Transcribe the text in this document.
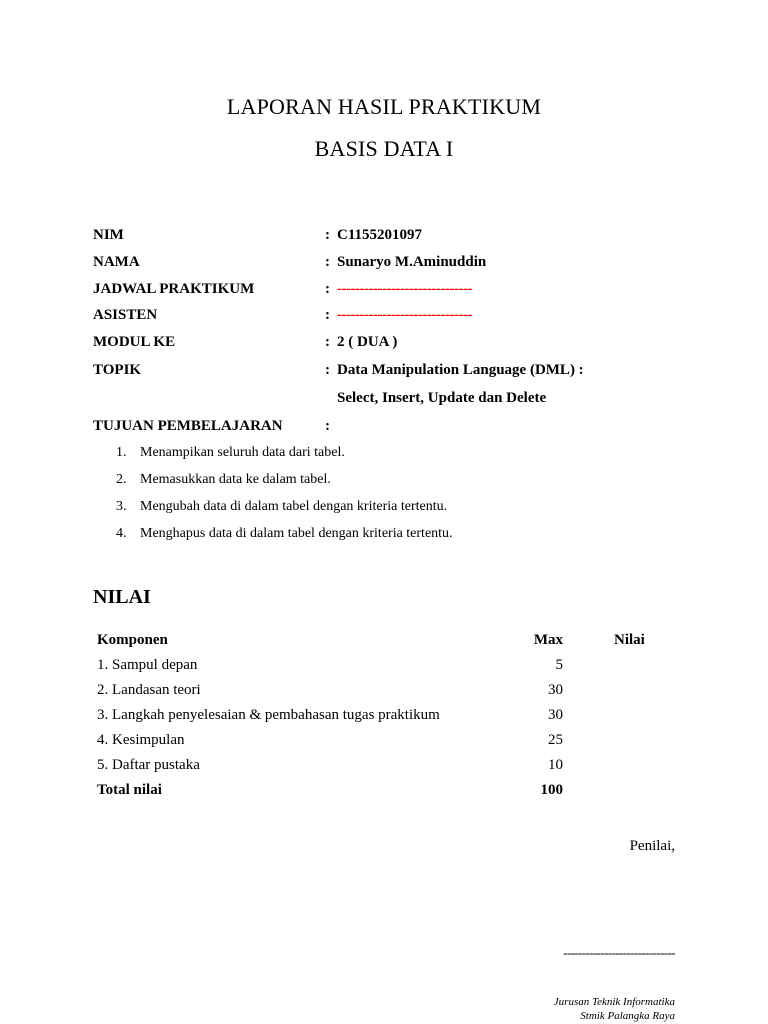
LAPORAN HASIL PRAKTIKUM
BASIS DATA I
NIM	: C1155201097
NAMA	: Sunaryo M.Aminuddin
JADWAL PRAKTIKUM	: ------------------------------
ASISTEN	: ------------------------------
MODUL KE	: 2 ( DUA )
TOPIK	: Data Manipulation Language (DML) :
Select, Insert, Update dan Delete
TUJUAN PEMBELAJARAN	:
1. Menampikan seluruh data dari tabel.
2. Memasukkan data ke dalam tabel.
3. Mengubah data di dalam tabel dengan kriteria tertentu.
4. Menghapus data di dalam tabel dengan kriteria tertentu.
NILAI
Komponen	Max	Nilai
1. Sampul depan	5
2. Landasan teori	30
3. Langkah penyelesaian & pembahasan tugas praktikum	30
4. Kesimpulan	25
5. Daftar pustaka	10
Total nilai	100
Penilai,
------------------------------
Jurusan Teknik Informatika
Stmik Palangka Raya
